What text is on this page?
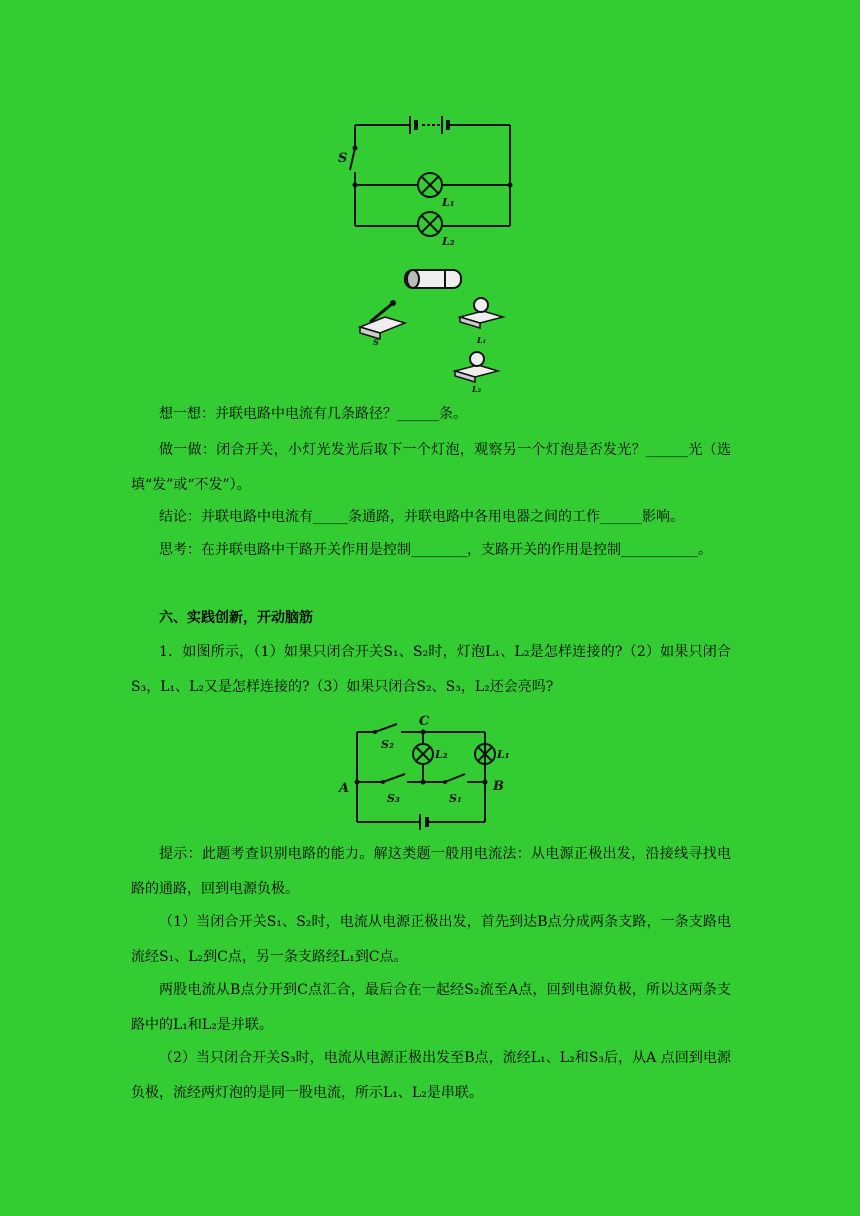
S
L₁
L₂
S	L₁
L₂

想一想：并联电路中电流有几条路径？______条。

做一做：闭合开关，小灯光发光后取下一个灯泡，观察另一个灯泡是否发光？______光（选填“发”或“不发”）。

结论：并联电路中电流有_____条通路，并联电路中各用电器之间的工作______影响。

思考：在并联电路中干路开关作用是控制________，支路开关的作用是控制___________。

六、实践创新，开动脑筋

1．如图所示，（1）如果只闭合开关S₁、S₂时，灯泡L₁、L₂是怎样连接的?（2）如果只闭合S₃，L₁、L₂又是怎样连接的?（3）如果只闭合S₂、S₃，L₂还会亮吗?

C
S₂
L₂	L₁
A	B
S₃	S₁

提示：此题考查识别电路的能力。解这类题一般用电流法：从电源正极出发，沿接线寻找电路的通路，回到电源负极。

（1）当闭合开关S₁、S₂时，电流从电源正极出发，首先到达B点分成两条支路，一条支路电流经S₁、L₂到C点，另一条支路经L₁到C点。

两股电流从B点分开到C点汇合，最后合在一起经S₂流至A点，回到电源负极，所以这两条支路中的L₁和L₂是并联。

（2）当只闭合开关S₃时，电流从电源正极出发至B点，流经L₁、L₂和S₃后，从A 点回到电源负极，流经两灯泡的是同一股电流，所示L₁、L₂是串联。
